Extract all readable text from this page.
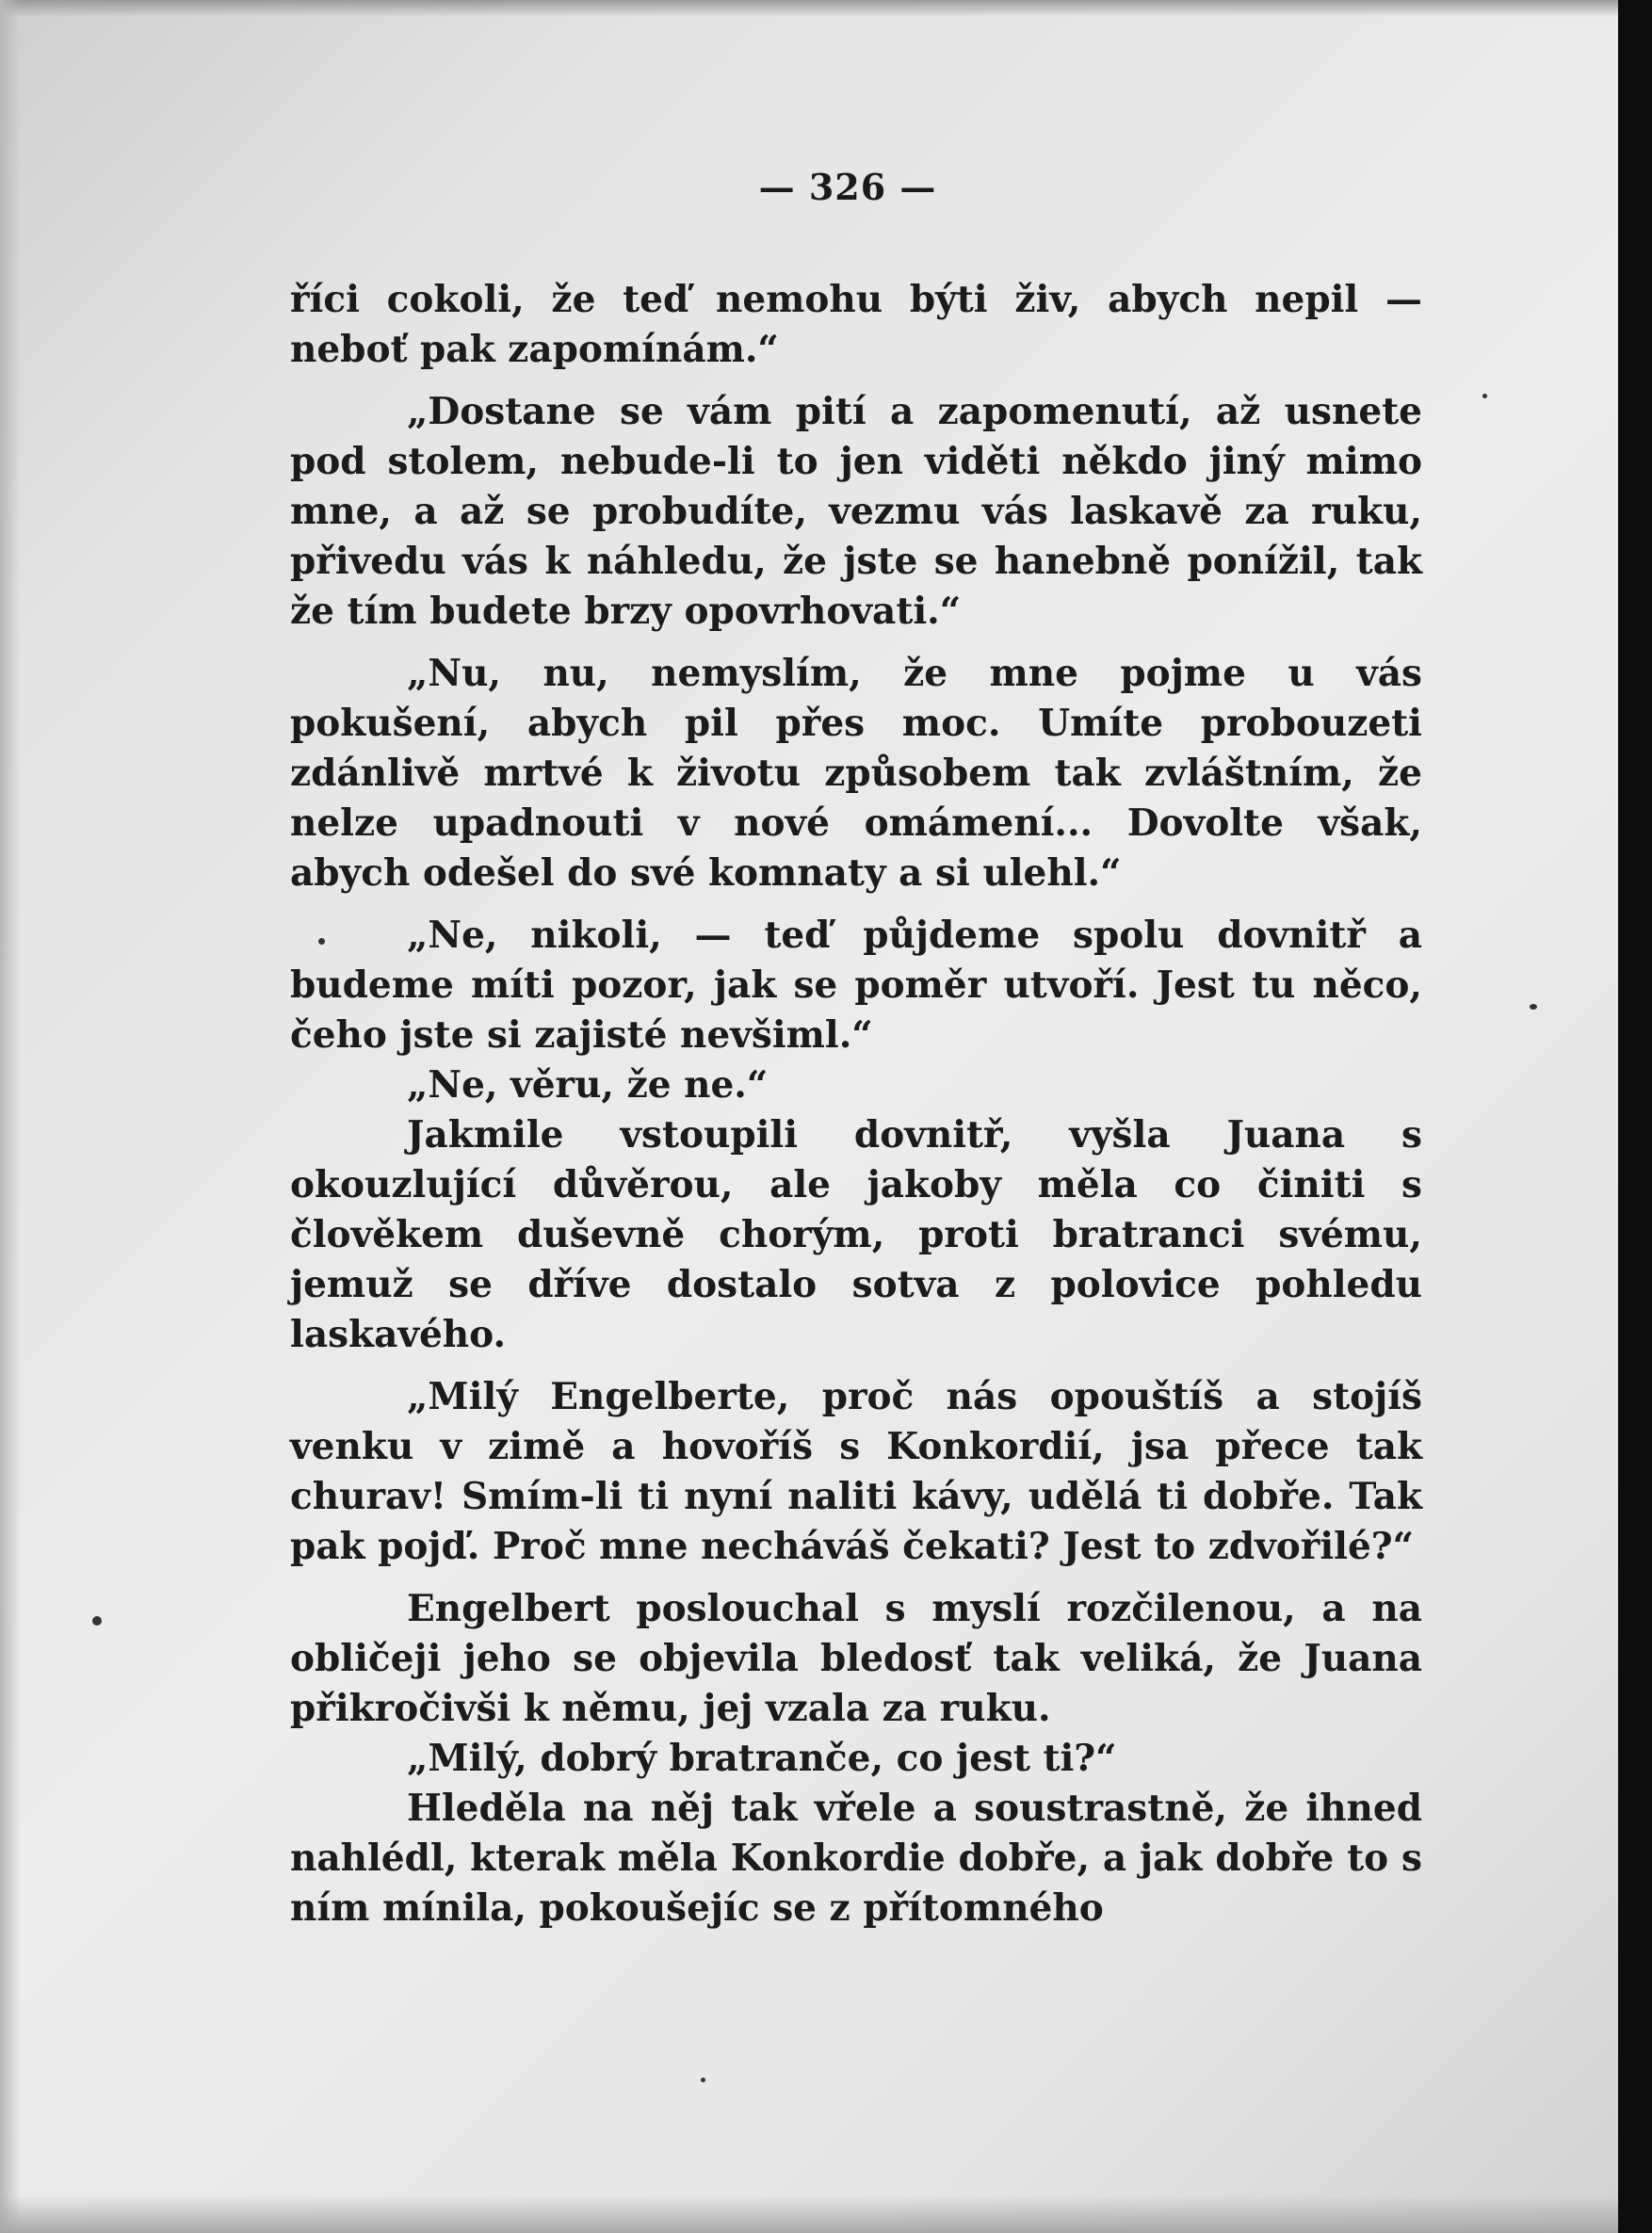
— 326 —

říci cokoli, že teď nemohu býti živ, abych nepil — neboť pak zapomínám.“

„Dostane se vám pití a zapomenutí, až usnete pod stolem, nebude-li to jen viděti někdo jiný mimo mne, a až se probudíte, vezmu vás laskavě za ruku, přivedu vás k náhledu, že jste se hanebně ponížil, tak že tím budete brzy opovrhovati.“

„Nu, nu, nemyslím, že mne pojme u vás pokušení, abych pil přes moc. Umíte probouzeti zdánlivě mrtvé k životu způsobem tak zvláštním, že nelze upadnouti v nové omámení... Dovolte však, abych odešel do své komnaty a si ulehl.“

„Ne, nikoli, — teď půjdeme spolu dovnitř a budeme míti pozor, jak se poměr utvoří. Jest tu něco, čeho jste si zajisté nevšiml.“

„Ne, věru, že ne.“

Jakmile vstoupili dovnitř, vyšla Juana s okouzlující důvěrou, ale jakoby měla co činiti s člověkem duševně chorým, proti bratranci svému, jemuž se dříve dostalo sotva z polovice pohledu laskavého.

„Milý Engelberte, proč nás opouštíš a stojíš venku v zimě a hovoříš s Konkordií, jsa přece tak churav! Smím-li ti nyní naliti kávy, udělá ti dobře. Tak pak pojď. Proč mne necháváš čekati? Jest to zdvořilé?“

Engelbert poslouchal s myslí rozčilenou, a na obličeji jeho se objevila bledosť tak veliká, že Juana přikročivši k němu, jej vzala za ruku.

„Milý, dobrý bratranče, co jest ti?“

Hleděla na něj tak vřele a soustrastně, že ihned nahlédl, kterak měla Konkordie dobře, a jak dobře to s ním mínila, pokoušejíc se z přítomného
